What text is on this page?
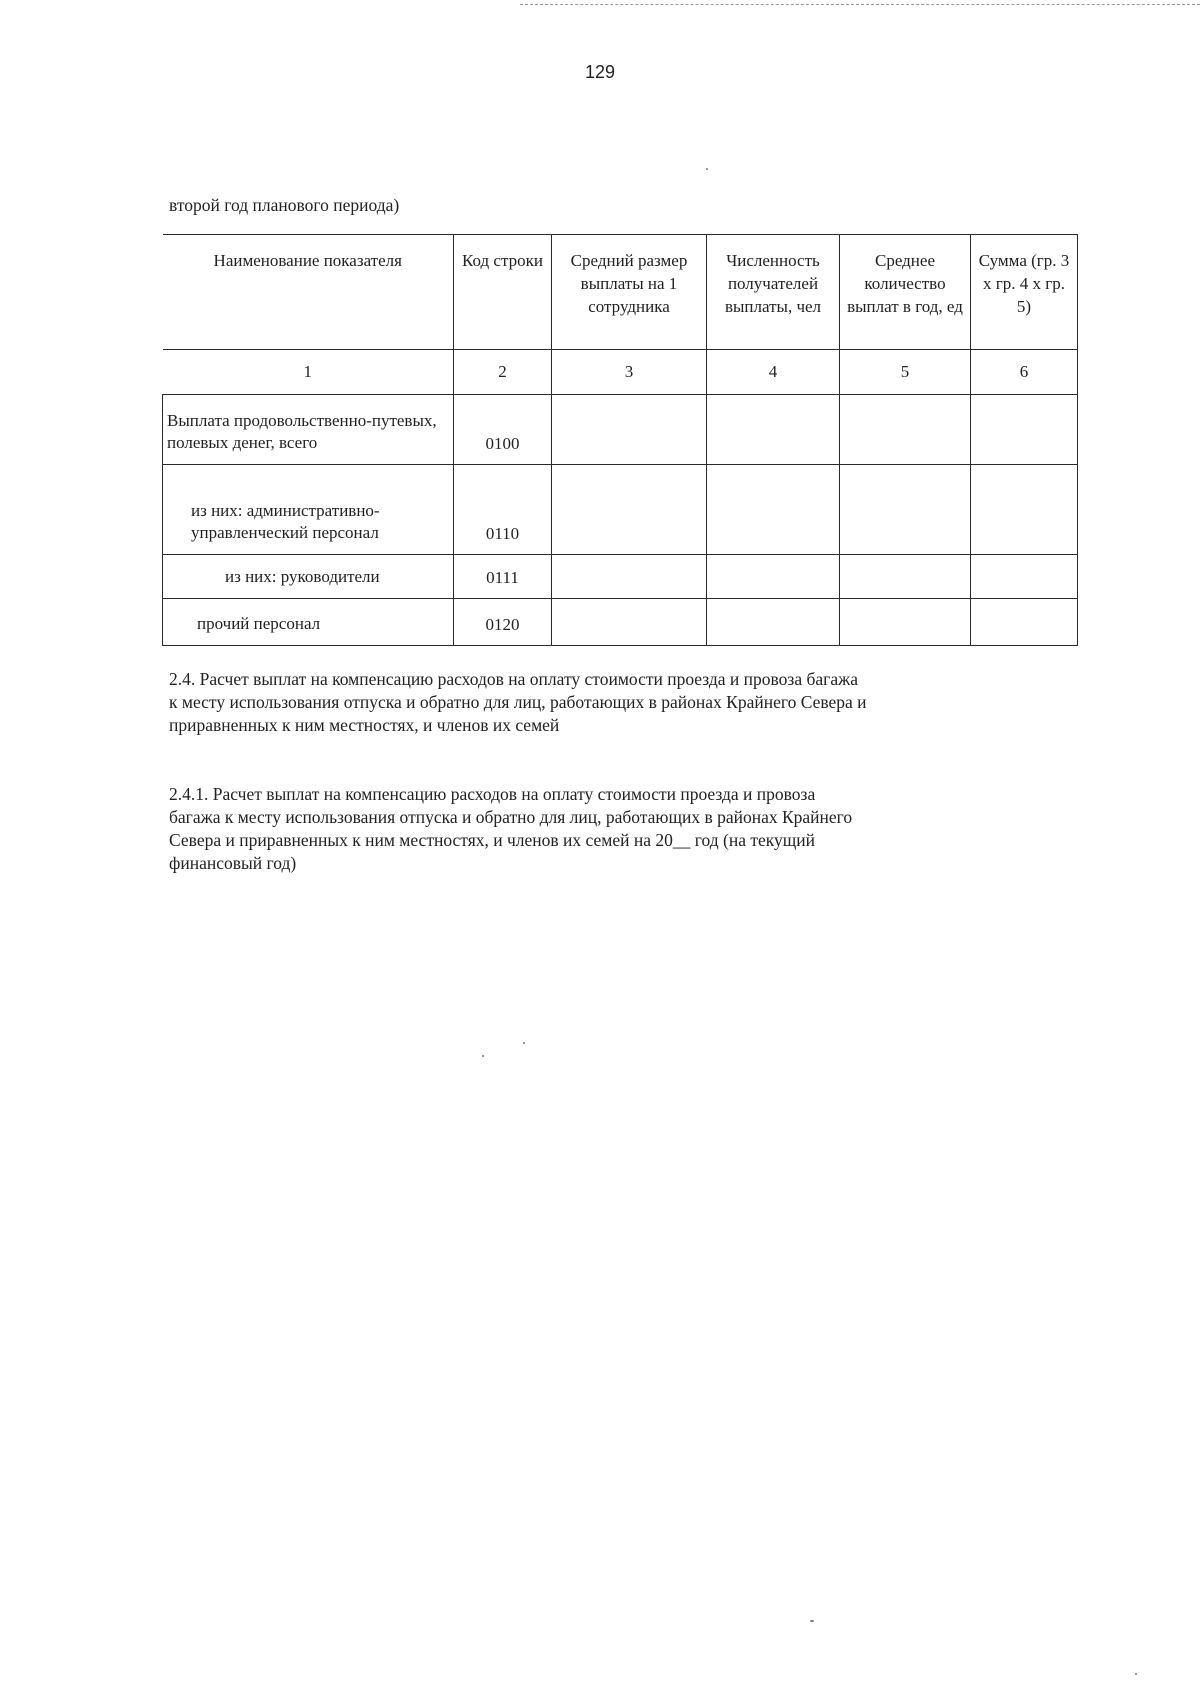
129
второй год планового периода)
Наименование показателя	Код строки	Средний размер выплаты на 1 сотрудника	Численность получателей выплаты, чел	Среднее количество выплат в год, ед	Сумма (гр. 3 х гр. 4 х гр. 5)
1	2	3	4	5	6
Выплата продовольственно-путевых, полевых денег, всего	0100				
из них: административно-управленческий персонал	0110				
из них: руководители	0111				
прочий персонал	0120				

2.4. Расчет выплат на компенсацию расходов на оплату стоимости проезда и провоза багажа к месту использования отпуска и обратно для лиц, работающих в районах Крайнего Севера и приравненных к ним местностях, и членов их семей

2.4.1. Расчет выплат на компенсацию расходов на оплату стоимости проезда и провоза багажа к месту использования отпуска и обратно для лиц, работающих в районах Крайнего Севера и приравненных к ним местностях, и членов их семей на 20__ год (на текущий финансовый год)
